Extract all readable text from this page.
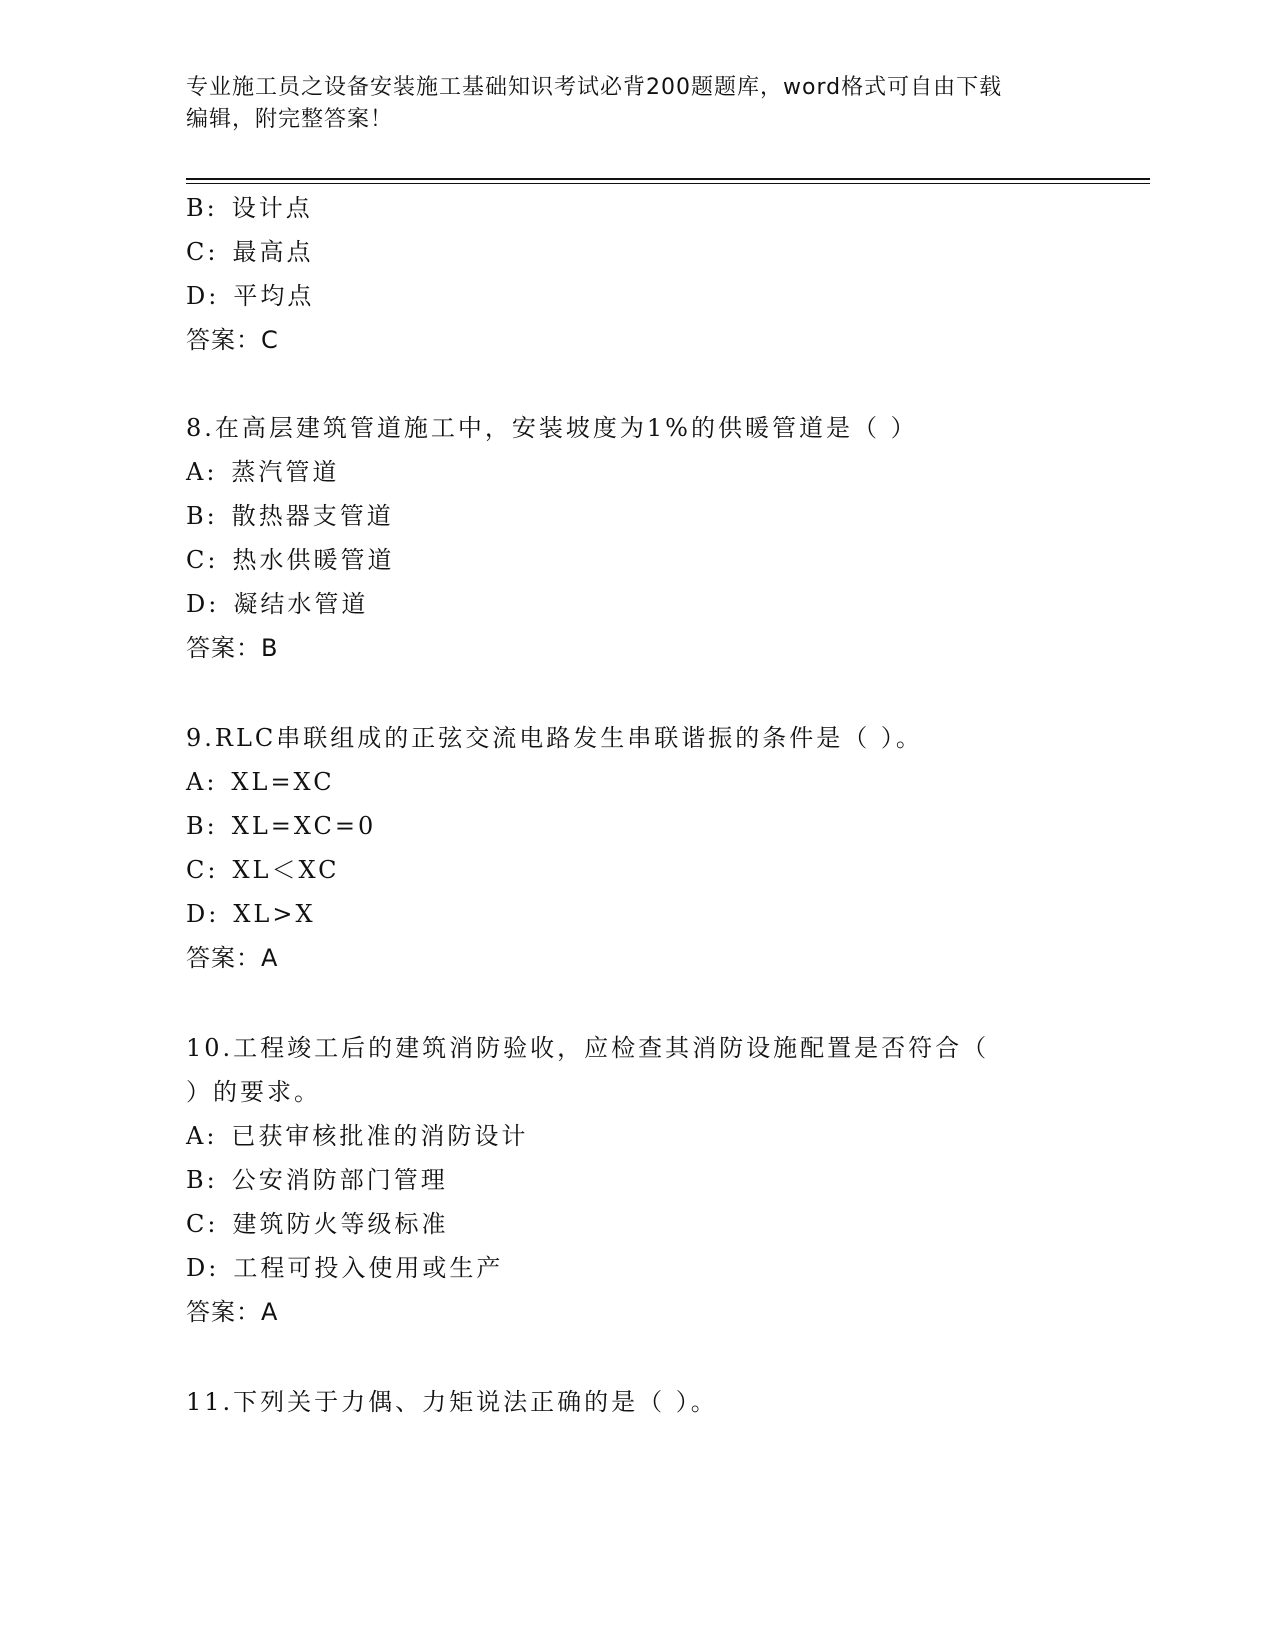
专业施工员之设备安装施工基础知识考试必背200题题库，word格式可自由下载
编辑，附完整答案！
B: 设计点
C: 最高点
D: 平均点
答案：C
8.在高层建筑管道施工中，安装坡度为1%的供暖管道是（ ）
A: 蒸汽管道
B: 散热器支管道
C: 热水供暖管道
D: 凝结水管道
答案：B
9.RLC串联组成的正弦交流电路发生串联谐振的条件是（ ）。
A: XL=XC
B: XL=XC=0
C: XL＜XC
D: XL>X
答案：A
10.工程竣工后的建筑消防验收，应检查其消防设施配置是否符合（
）的要求。
A: 已获审核批准的消防设计
B: 公安消防部门管理
C: 建筑防火等级标准
D: 工程可投入使用或生产
答案：A
11.下列关于力偶、力矩说法正确的是（ ）。
